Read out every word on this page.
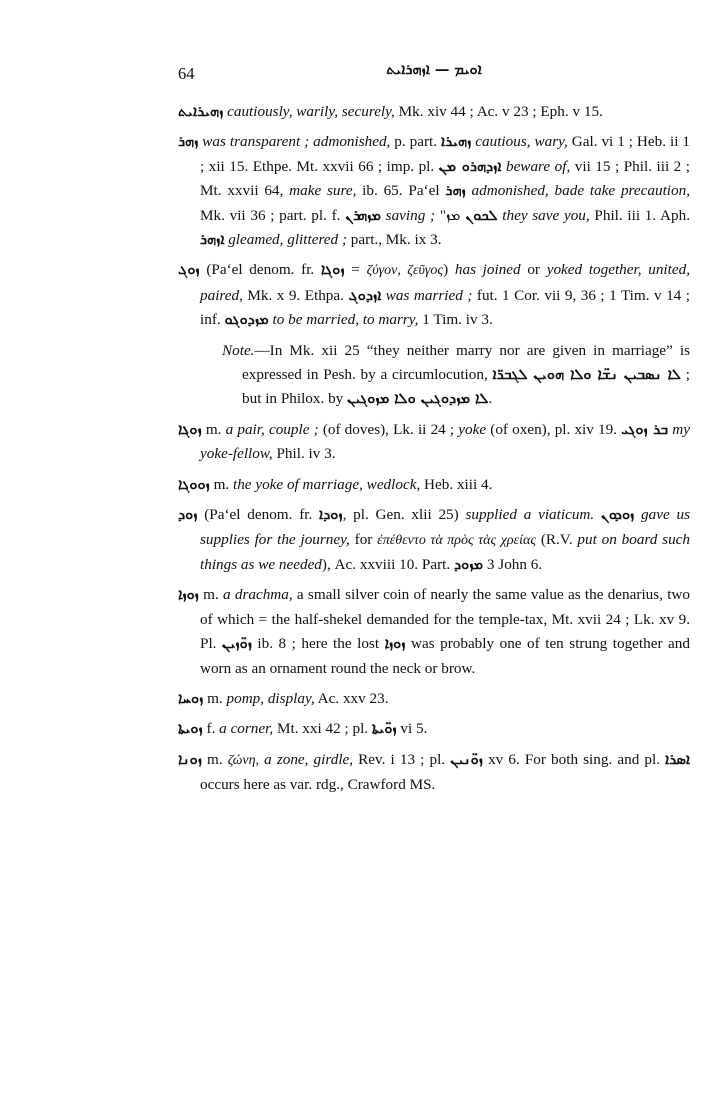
64	ܐܘܝܡ — ܐܙܗܪܐܝܬ

ܙܗܝܪܐܝܬ cautiously, warily, securely, Mk. xiv 44 ; Ac. v 23 ; Eph. v 15.

ܙܗܪ was transparent ; admonished, p. part. ܙܗܝܪܐ cautious, wary, Gal. vi 1 ; Heb. ii 1 ; xii 15. Ethpe. Mt. xxvii 66 ; imp. pl. ܐܙܕܗܪܘ ܡܢ beware of, vii 15 ; Phil. iii 2 ; Mt. xxvii 64, make sure, ib. 65. Pa‘el ܙܗܪ admonished, bade take precaution, Mk. vii 36 ; part. pl. f. ܡܙܗܪܢ saving ; "ܡܙ ܠܟܘܢ they save you, Phil. iii 1. Aph. ܐܙܗܪ gleamed, glittered ; part., Mk. ix 3.

ܙܘܓ (Pa‘el denom. fr. ܙܘܓܐ = ζύγον, ζεῦγος) has joined or yoked together, united, paired, Mk. x 9. Ethpa. ܐܙܕܘܓ was married ; fut. 1 Cor. vii 9, 36 ; 1 Tim. v 14 ; inf. ܡܙܕܘܓܘ to be married, to marry, 1 Tim. iv 3.

Note.—In Mk. xii 25 “they neither marry nor are given in marriage” is expressed in Pesh. by a circumlocution, ܠܐ ܢܣܒܝܢ ܢܫ̈ܐ ܘܠܐ ܗܘܝܢ ܠܓܒܪ̈ܐ ; but in Philox. by ܠܐ ܡܙܕܘܓܝܢ ܘܠܐ ܡܙܘܓܝܢ.

ܙܘܓܐ m. a pair, couple ; (of doves), Lk. ii 24 ; yoke (of oxen), pl. xiv 19. ܒܪ ܙܘܓܝ my yoke-fellow, Phil. iv 3.

ܙܘܘܓܐ m. the yoke of marriage, wedlock, Heb. xiii 4.

ܙܘܕ (Pa‘el denom. fr. ܙܘܕܐ, pl. Gen. xlii 25) supplied a viaticum. ܙܘܕܘܢ gave us supplies for the journey, for ἐπέθεντο τὰ πρὸς τὰς χρείας (R.V. put on board such things as we needed), Ac. xxviii 10. Part. ܡܙܘܕ 3 John 6.

ܙܘܙܐ m. a drachma, a small silver coin of nearly the same value as the denarius, two of which = the half-shekel demanded for the temple-tax, Mt. xvii 24 ; Lk. xv 9. Pl. ܙܘ̈ܙܝܢ ib. 8 ; here the lost ܙܘܙܐ was probably one of ten strung together and worn as an ornament round the neck or brow.

ܙܘܚܐ m. pomp, display, Ac. xxv 23.

ܙܘܝܬܐ f. a corner, Mt. xxi 42 ; pl. ܙܘ̈ܝܬܐ vi 5.

ܙܘܢܐ m. ζώνη, a zone, girdle, Rev. i 13 ; pl. ܙܘ̈ܢܝܢ xv 6. For both sing. and pl. ܐܣܪܐ occurs here as var. rdg., Crawford MS.
